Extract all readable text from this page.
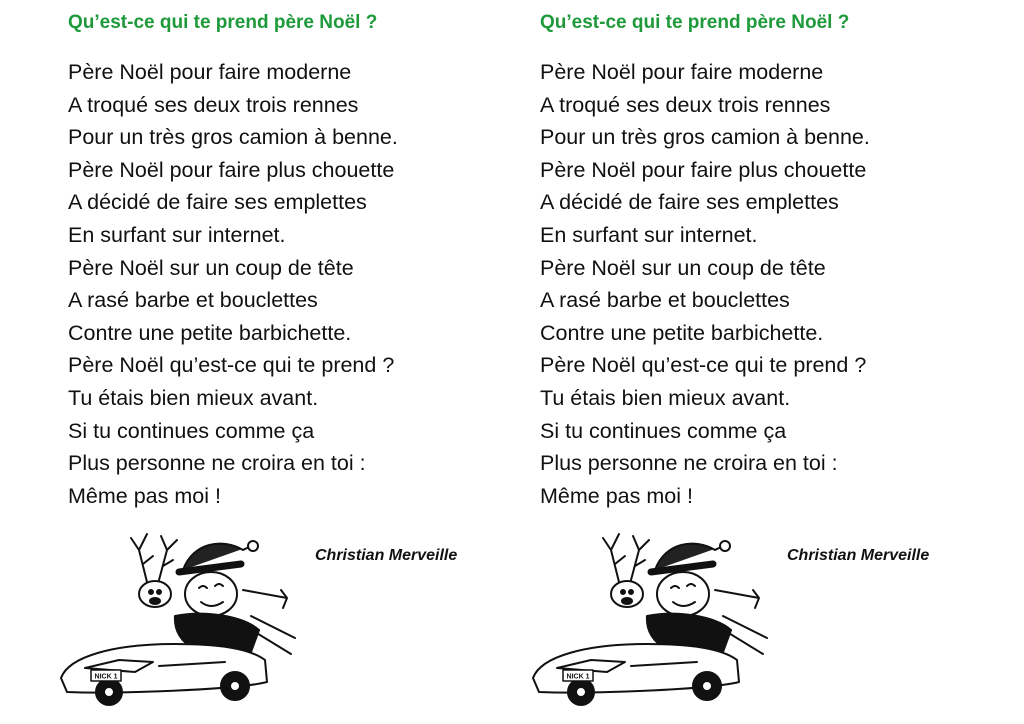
Qu’est-ce qui te prend père Noël ?
Père Noël pour faire moderne
A troqué ses deux trois rennes
Pour un très gros camion à benne.
Père Noël pour faire plus chouette
A décidé de faire ses emplettes
En surfant sur internet.
Père Noël sur un coup de tête
A rasé barbe et bouclettes
Contre une petite barbichette.
Père Noël qu’est-ce qui te prend ?
Tu étais bien mieux avant.
Si tu continues comme ça
Plus personne ne croira en toi :
Même pas moi !
NICK 1
Christian Merveille
Qu’est-ce qui te prend père Noël ?
Père Noël pour faire moderne
A troqué ses deux trois rennes
Pour un très gros camion à benne.
Père Noël pour faire plus chouette
A décidé de faire ses emplettes
En surfant sur internet.
Père Noël sur un coup de tête
A rasé barbe et bouclettes
Contre une petite barbichette.
Père Noël qu’est-ce qui te prend ?
Tu étais bien mieux avant.
Si tu continues comme ça
Plus personne ne croira en toi :
Même pas moi !
NICK 1
Christian Merveille
